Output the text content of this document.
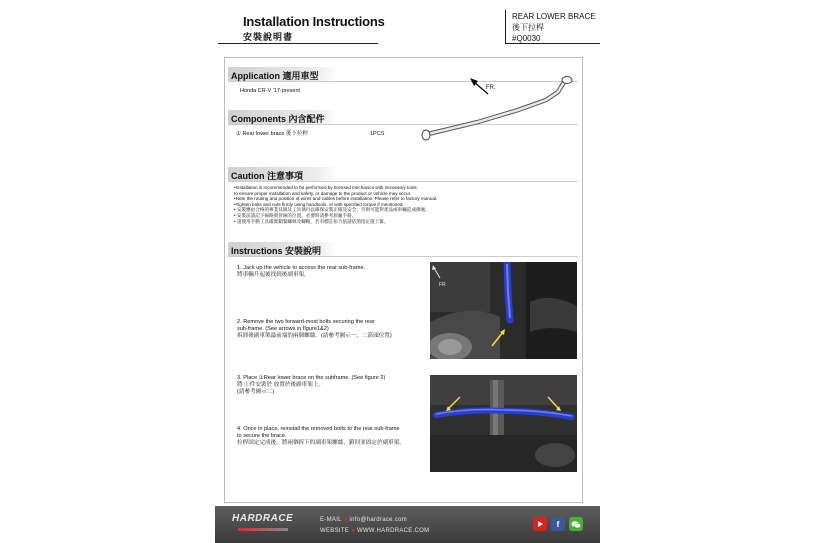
Installation Instructions
安裝說明書
REAR LOWER BRACE
後下拉桿
#Q0030
Application 適用車型
Honda CR-V '17-present
Components 內含配件
① Rear lower brace 後下拉桿	1PCS
FR.
Caution 注意事項
•Installation is recommended to be performed by licensed mechanics with necessary tools
to ensure proper installation and safety, or damage to the product or vehicle may occur.
•Note the routing and position of wires and cables before installation. Please refer to factory manual.
•Tighten bolts and nuts firmly using handtools, or with specified torque if mentioned.
• 安裝應由合格的專業技師及工具執行以確保安裝正確及安全，否則可能對產品或車輛造成損壞。
• 安裝前請記下線路與管線的位置，必要時請參考原廠手冊。
• 請使用手動工具確實鎖緊螺絲及螺帽，若有標註扭力值請依照指定值上緊。
Instructions 安裝說明
1. Jack up the vehicle to access the rear sub-frame.
將車輛升起後找到後副車架。
2. Remove the two forward-most bolts securing the rear
sub-frame. (See arrows in figure1&2)
拆卸後副車架最前端的兩個螺絲。(請參考圖示一、二箭頭位置)
3. Place ①Rear lower brace on the subframe. (See figure 2)
將 ①件安裝於 放置於後副車架上。
(請參考圖示二)
4. Once in place, reinstall the removed bolts to the rear sub-frame
to secure the brace.
拉桿固定完成後，將兩個拆下的副車架螺絲，鎖回並固定於副車架。
FR
HARDRACE	E-MAIL ● info@hardrace.com
WEBSITE ● WWW.HARDRACE.COM
f
